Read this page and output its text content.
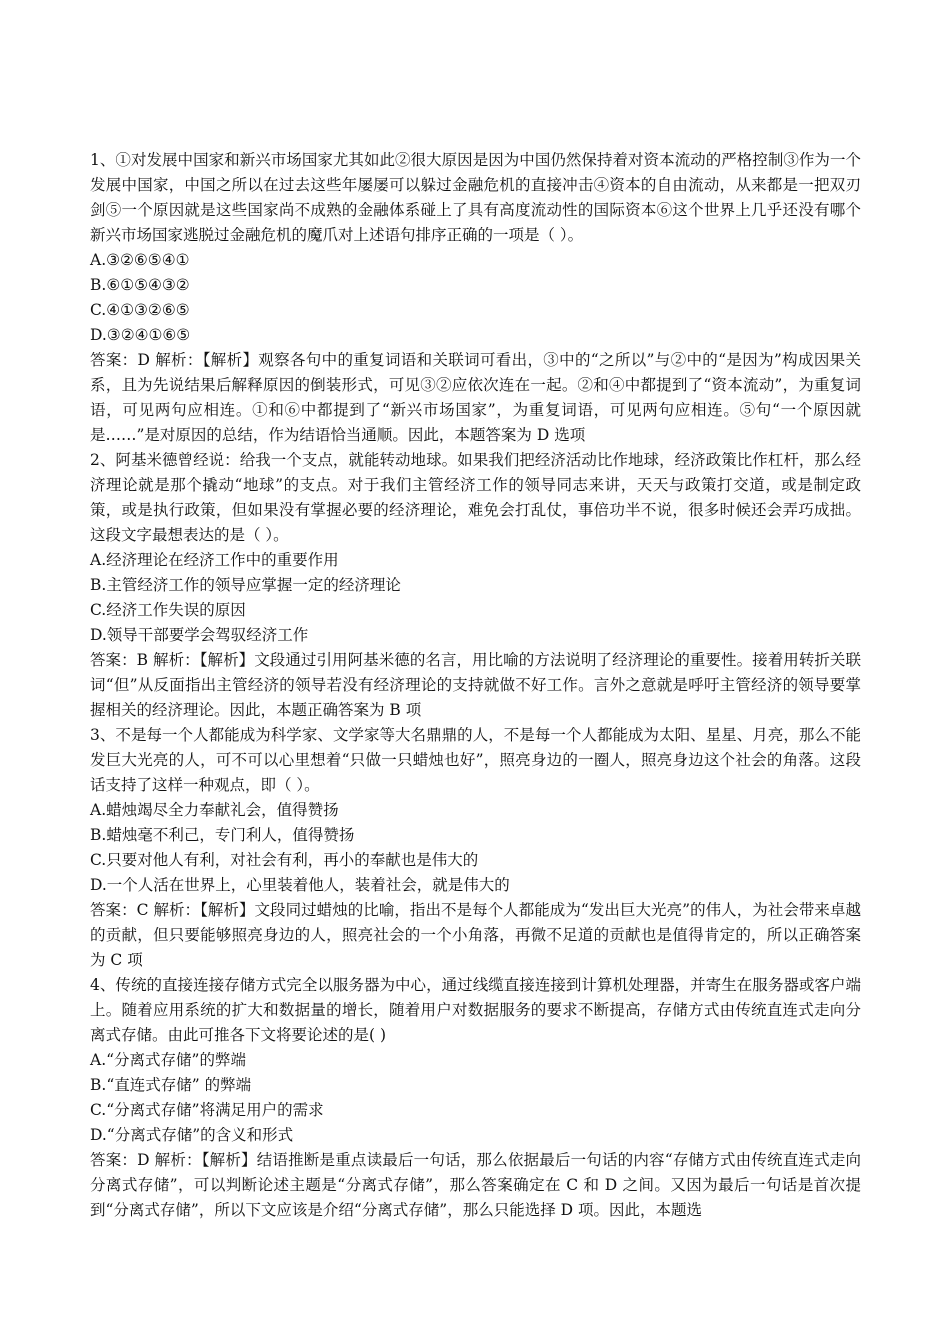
1、①对发展中国家和新兴市场国家尤其如此②很大原因是因为中国仍然保持着对资本流动的严格控制③作为一个发展中国家，中国之所以在过去这些年屡屡可以躲过金融危机的直接冲击④资本的自由流动，从来都是一把双刃剑⑤一个原因就是这些国家尚不成熟的金融体系碰上了具有高度流动性的国际资本⑥这个世界上几乎还没有哪个新兴市场国家逃脱过金融危机的魔爪对上述语句排序正确的一项是（ ）。

A.③②⑥⑤④①

B.⑥①⑤④③②

C.④①③②⑥⑤

D.③②④①⑥⑤

答案：D 解析：【解析】观察各句中的重复词语和关联词可看出，③中的“之所以”与②中的“是因为”构成因果关系，且为先说结果后解释原因的倒装形式，可见③②应依次连在一起。②和④中都提到了“资本流动”，为重复词语，可见两句应相连。①和⑥中都提到了“新兴市场国家”，为重复词语，可见两句应相连。⑤句“一个原因就是……”是对原因的总结，作为结语恰当通顺。因此，本题答案为 D 选项

2、阿基米德曾经说：给我一个支点，就能转动地球。如果我们把经济活动比作地球，经济政策比作杠杆，那么经济理论就是那个撬动“地球”的支点。对于我们主管经济工作的领导同志来讲，天天与政策打交道，或是制定政策，或是执行政策，但如果没有掌握必要的经济理论，难免会打乱仗，事倍功半不说，很多时候还会弄巧成拙。这段文字最想表达的是（ ）。

A.经济理论在经济工作中的重要作用

B.主管经济工作的领导应掌握一定的经济理论

C.经济工作失误的原因

D.领导干部要学会驾驭经济工作

答案：B 解析：【解析】文段通过引用阿基米德的名言，用比喻的方法说明了经济理论的重要性。接着用转折关联词“但”从反面指出主管经济的领导若没有经济理论的支持就做不好工作。言外之意就是呼吁主管经济的领导要掌握相关的经济理论。因此，本题正确答案为 B 项

3、不是每一个人都能成为科学家、文学家等大名鼎鼎的人，不是每一个人都能成为太阳、星星、月亮，那么不能发巨大光亮的人，可不可以心里想着“只做一只蜡烛也好”，照亮身边的一圈人，照亮身边这个社会的角落。这段话支持了这样一种观点，即（ ）。

A.蜡烛竭尽全力奉献礼会，值得赞扬

B.蜡烛毫不利己，专门利人，值得赞扬

C.只要对他人有利，对社会有利，再小的奉献也是伟大的

D.一个人活在世界上，心里装着他人，装着社会，就是伟大的

答案：C 解析：【解析】文段同过蜡烛的比喻，指出不是每个人都能成为“发出巨大光亮”的伟人，为社会带来卓越的贡献，但只要能够照亮身边的人，照亮社会的一个小角落，再微不足道的贡献也是值得肯定的，所以正确答案为 C 项

4、传统的直接连接存储方式完全以服务器为中心，通过线缆直接连接到计算机处理器，并寄生在服务器或客户端上。随着应用系统的扩大和数据量的增长，随着用户对数据服务的要求不断提高，存储方式由传统直连式走向分离式存储。由此可推各下文将要论述的是( )

A.“分离式存储”的弊端

B.“直连式存储” 的弊端

C.“分离式存储”将满足用户的需求

D.“分离式存储”的含义和形式

答案：D 解析：【解析】结语推断是重点读最后一句话，那么依据最后一句话的内容“存储方式由传统直连式走向分离式存储”，可以判断论述主题是“分离式存储”，那么答案确定在 C 和 D 之间。又因为最后一句话是首次提到“分离式存储”，所以下文应该是介绍“分离式存储”，那么只能选择 D 项。因此，本题选
